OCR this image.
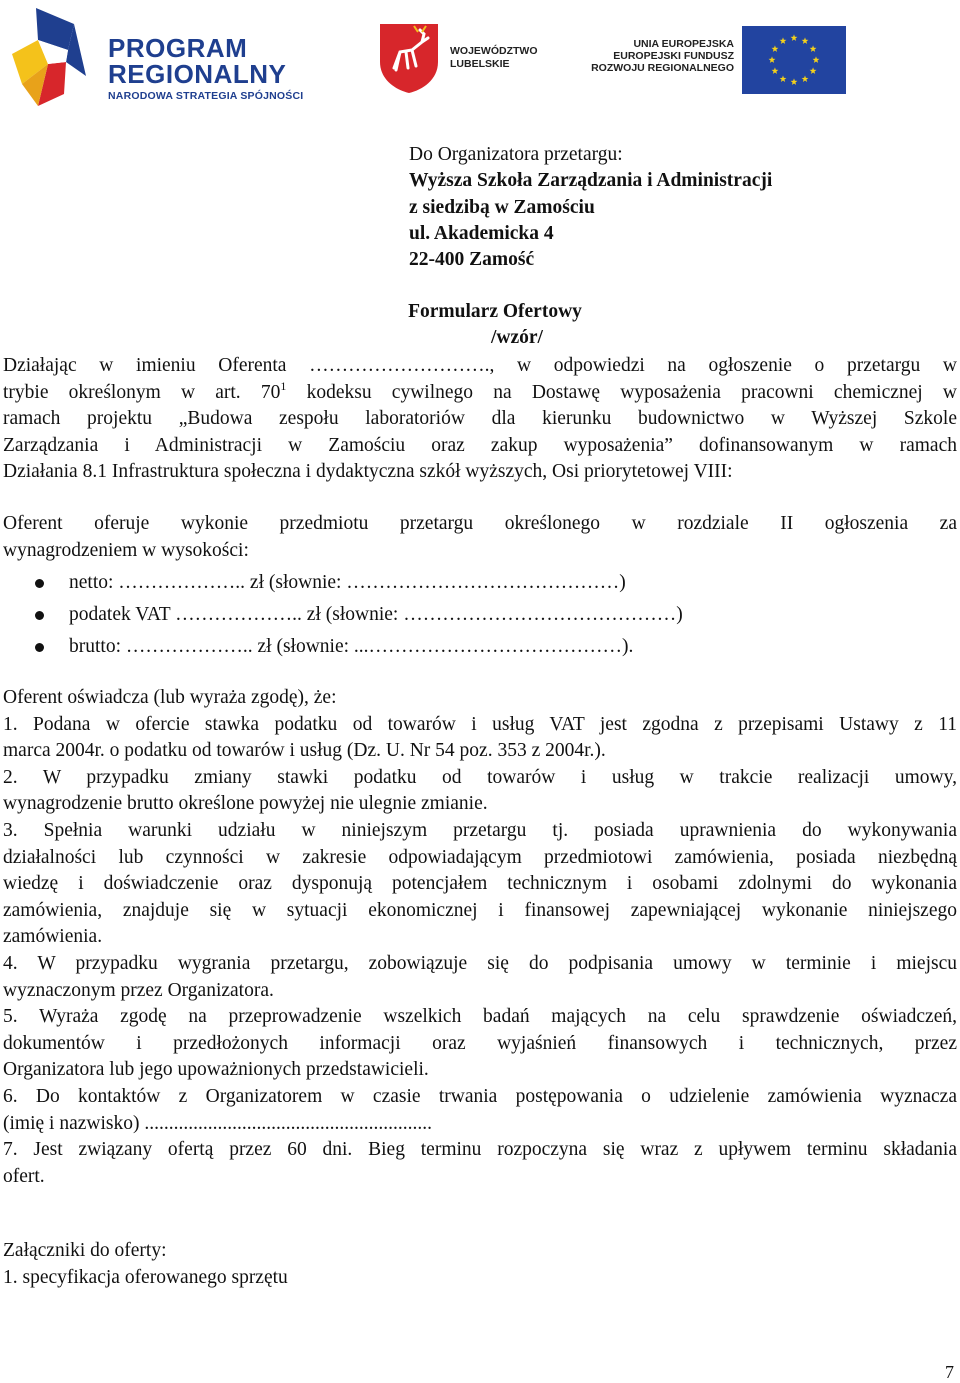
PROGRAM
REGIONALNY
NARODOWA STRATEGIA SPÓJNOŚCI
WOJEWÓDZTWO
LUBELSKIE
UNIA EUROPEJSKA
EUROPEJSKI FUNDUSZ
ROZWOJU REGIONALNEGO
Do Organizatora przetargu:
Wyższa Szkoła Zarządzania i Administracji
z siedzibą w Zamościu
ul. Akademicka 4
22-400 Zamość
Formularz Ofertowy
/wzór/
Działając w imieniu Oferenta ………………………., w odpowiedzi na ogłoszenie o przetargu w
trybie określonym w art. $70^1$ kodeksu cywilnego na Dostawę wyposażenia pracowni chemicznej w
ramach projektu „Budowa zespołu laboratoriów dla kierunku budownictwo w Wyższej Szkole
Zarządzania i Administracji w Zamościu oraz zakup wyposażenia” dofinansowanym w ramach
Działania 8.1 Infrastruktura społeczna i dydaktyczna szkół wyższych, Osi priorytetowej VIII:
Oferent oferuje wykonie przedmiotu przetargu określonego w rozdziale II ogłoszenia za
wynagrodzeniem w wysokości:
netto: ……………….. zł (słownie: ……………………………………)
podatek VAT ……………….. zł (słownie: ……………………………………)
brutto: ……………….. zł (słownie: ...…………………………………).
Oferent oświadcza (lub wyraża zgodę), że:
1. Podana w ofercie stawka podatku od towarów i usług VAT jest zgodna z przepisami Ustawy z 11
marca 2004r. o podatku od towarów i usług (Dz. U. Nr 54 poz. 353 z 2004r.).
2. W przypadku zmiany stawki podatku od towarów i usług w trakcie realizacji umowy,
wynagrodzenie brutto określone powyżej nie ulegnie zmianie.
3. Spełnia warunki udziału w niniejszym przetargu tj. posiada uprawnienia do wykonywania
działalności lub czynności w zakresie odpowiadającym przedmiotowi zamówienia, posiada niezbędną
wiedzę i doświadczenie oraz dysponują potencjałem technicznym i osobami zdolnymi do wykonania
zamówienia, znajduje się w sytuacji ekonomicznej i finansowej zapewniającej wykonanie niniejszego
zamówienia.
4. W przypadku wygrania przetargu, zobowiązuje się do podpisania umowy w terminie i miejscu
wyznaczonym przez Organizatora.
5. Wyraża zgodę na przeprowadzenie wszelkich badań mających na celu sprawdzenie oświadczeń,
dokumentów i przedłożonych informacji oraz wyjaśnień finansowych i technicznych, przez
Organizatora lub jego upoważnionych przedstawicieli.
6. Do kontaktów z Organizatorem w czasie trwania postępowania o udzielenie zamówienia wyznacza
(imię i nazwisko) ...........................................................
7. Jest związany ofertą przez 60 dni. Bieg terminu rozpoczyna się wraz z upływem terminu składania
ofert.
Załączniki do oferty:
1. specyfikacja oferowanego sprzętu
7
